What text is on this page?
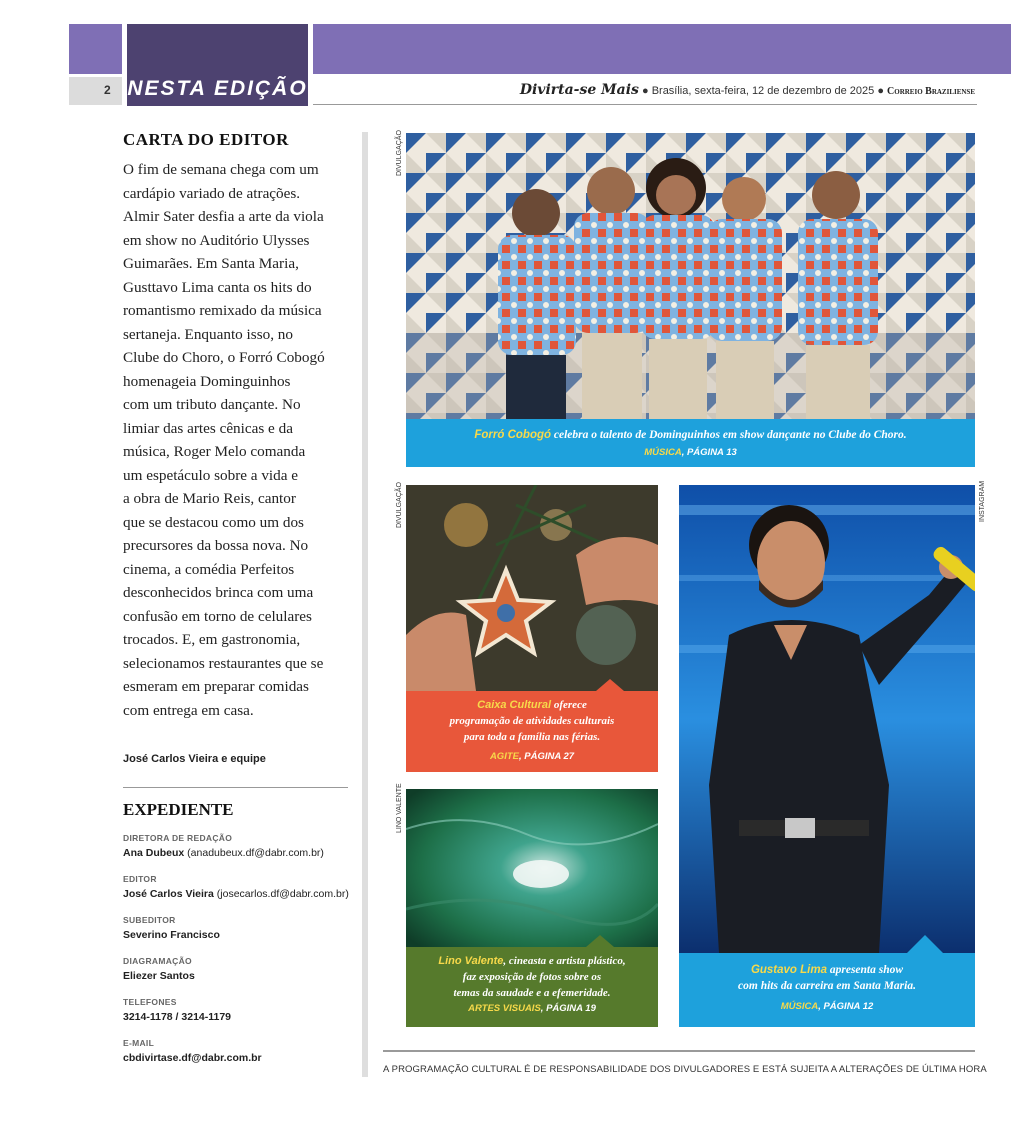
2 NESTA EDIÇÃO	Divirta-se Mais ● Brasília, sexta-feira, 12 de dezembro de 2025 ● Correio Braziliense
CARTA DO EDITOR
O fim de semana chega com um
cardápio variado de atrações.
Almir Sater desfia a arte da viola
em show no Auditório Ulysses
Guimarães. Em Santa Maria,
Gusttavo Lima canta os hits do
romantismo remixado da música
sertaneja. Enquanto isso, no
Clube do Choro, o Forró Cobogó
homenageia Dominguinhos
com um tributo dançante. No
limiar das artes cênicas e da
música, Roger Melo comanda
um espetáculo sobre a vida e
a obra de Mario Reis, cantor
que se destacou como um dos
precursores da bossa nova. No
cinema, a comédia Perfeitos
desconhecidos brinca com uma
confusão em torno de celulares
trocados. E, em gastronomia,
selecionamos restaurantes que se
esmeram em preparar comidas
com entrega em casa.
José Carlos Vieira e equipe
EXPEDIENTE
DIRETORA DE REDAÇÃO
Ana Dubeux (anadubeux.df@dabr.com.br)
EDITOR
José Carlos Vieira (josecarlos.df@dabr.com.br)
SUBEDITOR
Severino Francisco
DIAGRAMAÇÃO
Eliezer Santos
TELEFONES
3214-1178 / 3214-1179
E-MAIL
cbdivirtase.df@dabr.com.br
DIVULGAÇÃO
Forró Cobogó celebra o talento de Dominguinhos em show dançante no Clube do Choro.
MÚSICA, PÁGINA 13
DIVULGAÇÃO
Caixa Cultural oferece
programação de atividades culturais
para toda a família nas férias.
AGITE, PÁGINA 27
LINO VALENTE
Lino Valente, cineasta e artista plástico,
faz exposição de fotos sobre os
temas da saudade e a efemeridade.
ARTES VISUAIS, PÁGINA 19
INSTAGRAM
Gustavo Lima apresenta show
com hits da carreira em Santa Maria.
MÚSICA, PÁGINA 12
A PROGRAMAÇÃO CULTURAL É DE RESPONSABILIDADE DOS DIVULGADORES E ESTÁ SUJEITA A ALTERAÇÕES DE ÚLTIMA HORA
